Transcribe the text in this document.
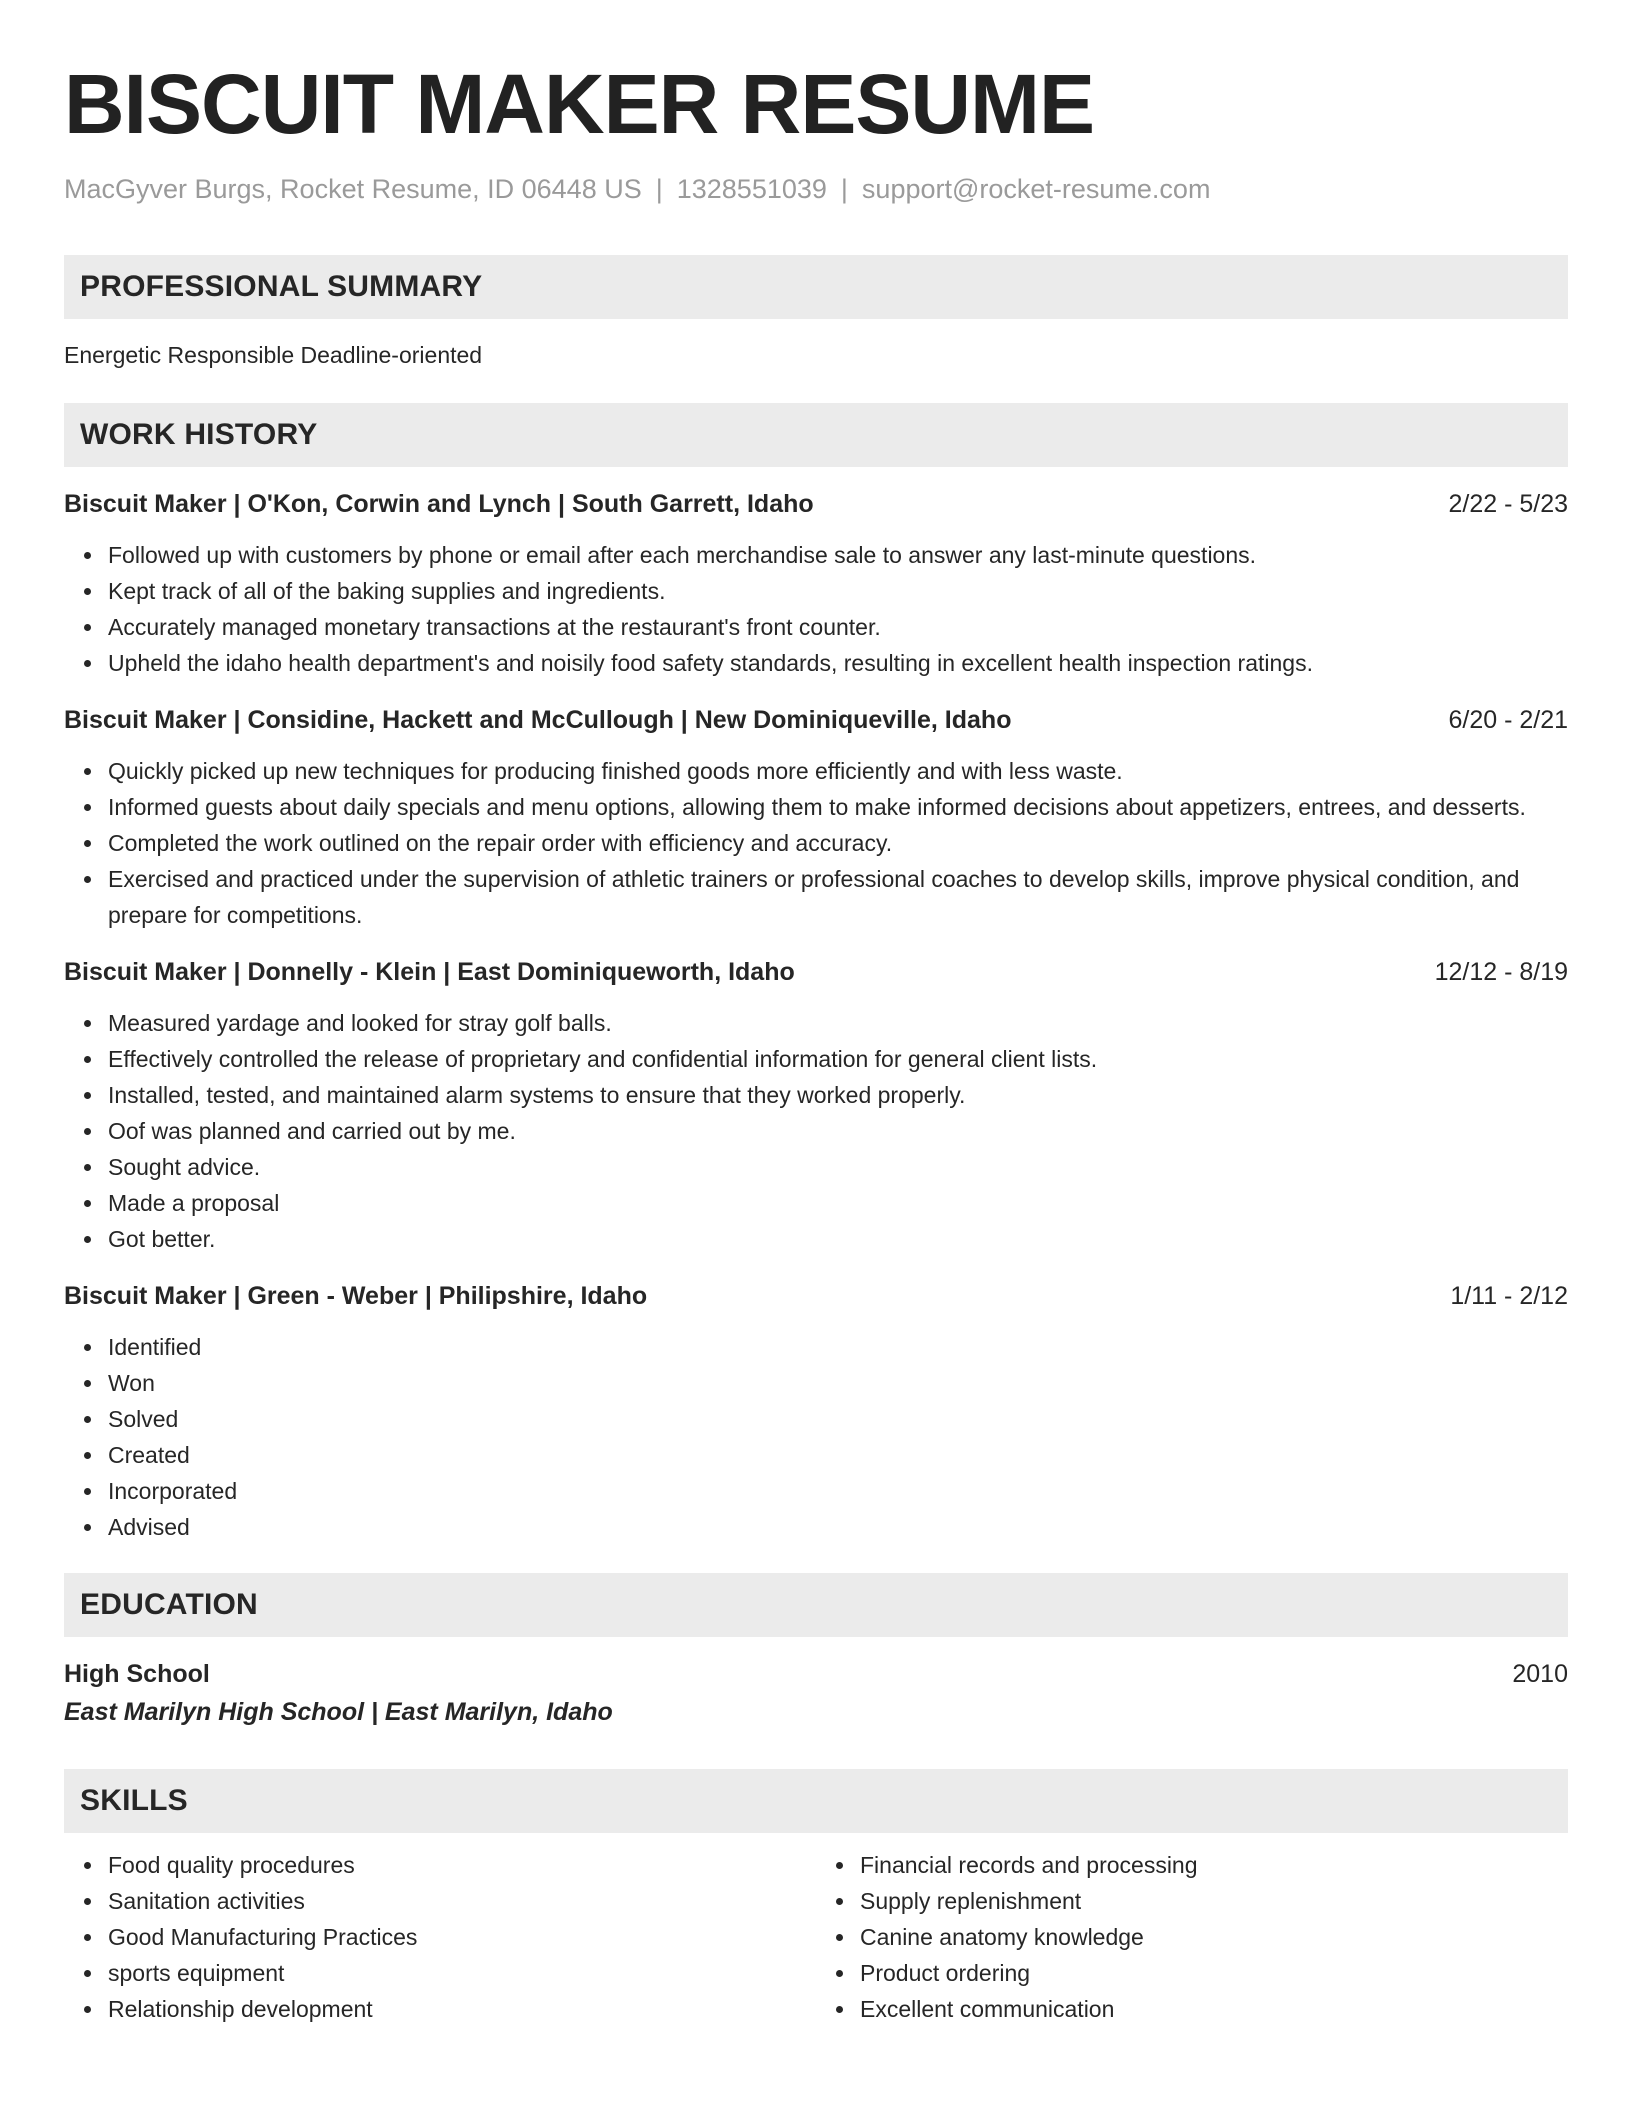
BISCUIT MAKER RESUME
MacGyver Burgs, Rocket Resume, ID 06448 US | 1328551039 | support@rocket-resume.com
PROFESSIONAL SUMMARY
Energetic Responsible Deadline-oriented
WORK HISTORY
Biscuit Maker | O'Kon, Corwin and Lynch | South Garrett, Idaho	2/22 - 5/23
Followed up with customers by phone or email after each merchandise sale to answer any last-minute questions.
Kept track of all of the baking supplies and ingredients.
Accurately managed monetary transactions at the restaurant's front counter.
Upheld the idaho health department's and noisily food safety standards, resulting in excellent health inspection ratings.
Biscuit Maker | Considine, Hackett and McCullough | New Dominiqueville, Idaho	6/20 - 2/21
Quickly picked up new techniques for producing finished goods more efficiently and with less waste.
Informed guests about daily specials and menu options, allowing them to make informed decisions about appetizers, entrees, and desserts.
Completed the work outlined on the repair order with efficiency and accuracy.
Exercised and practiced under the supervision of athletic trainers or professional coaches to develop skills, improve physical condition, and prepare for competitions.
Biscuit Maker | Donnelly - Klein | East Dominiqueworth, Idaho	12/12 - 8/19
Measured yardage and looked for stray golf balls.
Effectively controlled the release of proprietary and confidential information for general client lists.
Installed, tested, and maintained alarm systems to ensure that they worked properly.
Oof was planned and carried out by me.
Sought advice.
Made a proposal
Got better.
Biscuit Maker | Green - Weber | Philipshire, Idaho	1/11 - 2/12
Identified
Won
Solved
Created
Incorporated
Advised
EDUCATION
High School	2010
East Marilyn High School | East Marilyn, Idaho
SKILLS
Food quality procedures
Sanitation activities
Good Manufacturing Practices
sports equipment
Relationship development
Financial records and processing
Supply replenishment
Canine anatomy knowledge
Product ordering
Excellent communication
